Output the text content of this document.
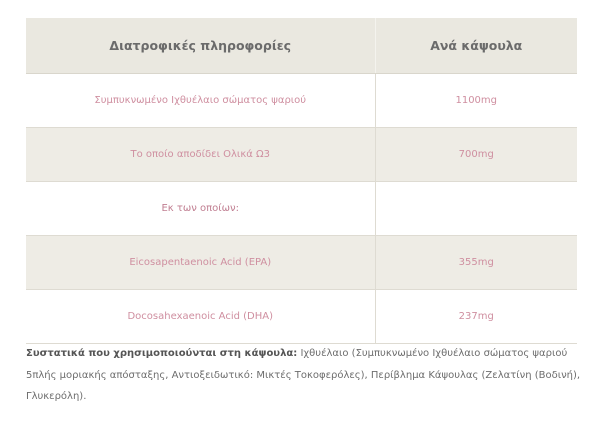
Διατροφικές πληροφορίες	Ανά κάψουλα
Συμπυκνωμένο Ιχθυέλαιο σώματος ψαριού	1100mg
Το οποίο αποδίδει Ολικά Ω3	700mg
Εκ των οποίων:	
Eicosapentaenoic Acid (EPA)	355mg
Docosahexaenoic Acid (DHA)	237mg

Συστατικά που χρησιμοποιούνται στη κάψουλα: Ιχθυέλαιο (Συμπυκνωμένο Ιχθυέλαιο σώματος ψαριού 5πλής μοριακής απόσταξης, Αντιοξειδωτικό: Μικτές Τοκοφερόλες), Περίβλημα Κάψουλας (Ζελατίνη (Βοδινή), Γλυκερόλη).
